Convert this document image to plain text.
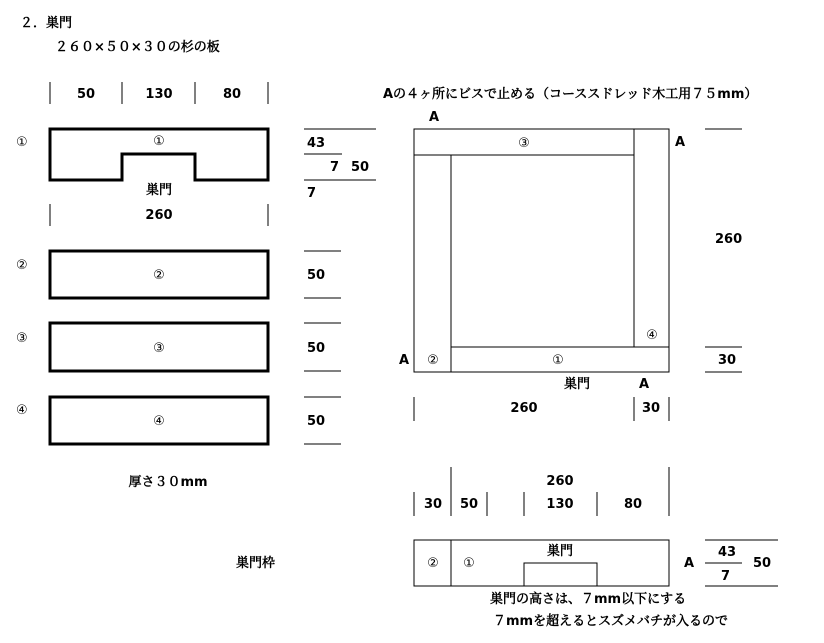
２．巣門
２６０×５０×３０の杉の板
50	130	80
①	①
巣門
43
7 50
7
260
②
②	50
③
③	50
④
④	50
厚さ３０mm
Aの４ヶ所にビスで止める（コーススドレッド木工用７５mm）
A
A
A
A
③
④
②	①
巣門
260
30
260	30
巣門枠
260
30 50	130	80
② ①
巣門
A
43
7
50
巣門の高さは、７mm以下にする
７mmを超えるとスズメバチが入るので
